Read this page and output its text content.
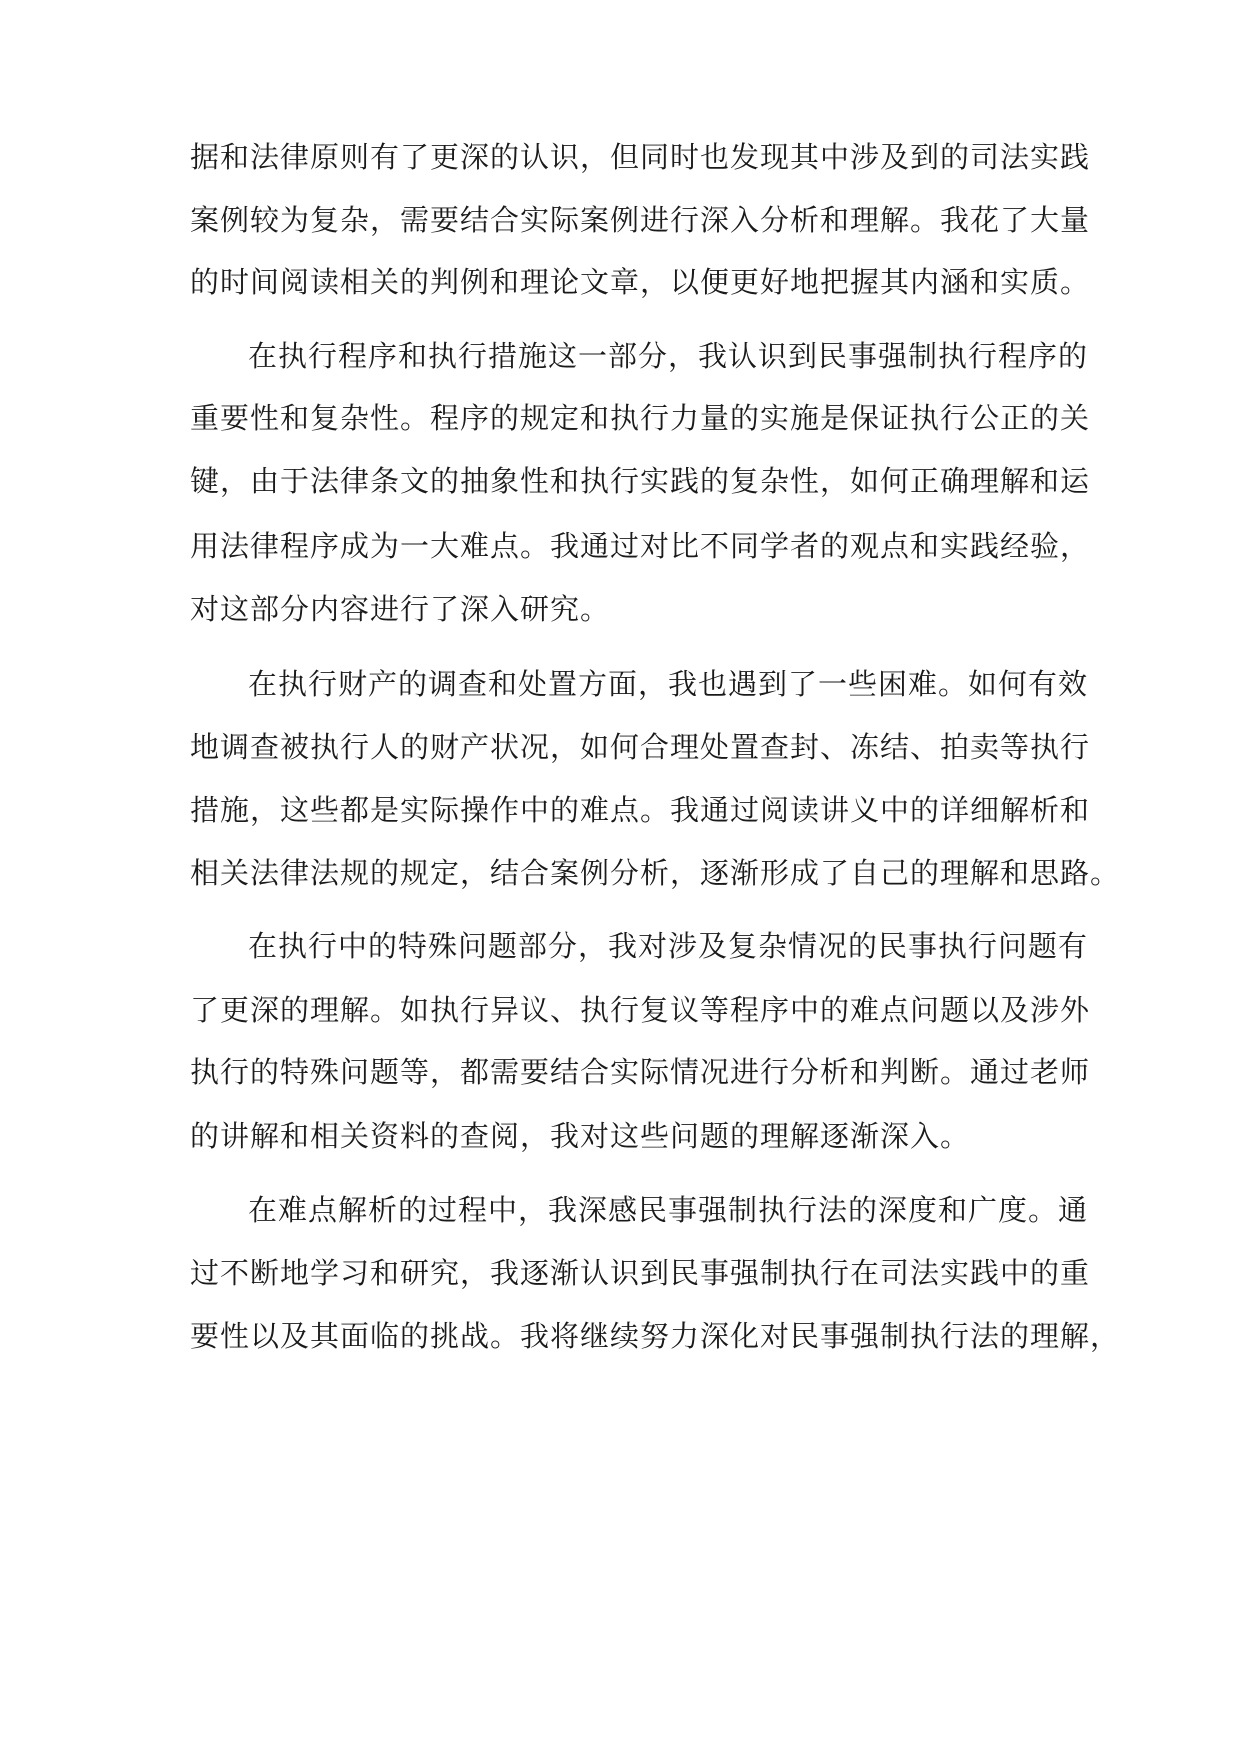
据和法律原则有了更深的认识，但同时也发现其中涉及到的司法实践
案例较为复杂，需要结合实际案例进行深入分析和理解。我花了大量
的时间阅读相关的判例和理论文章，以便更好地把握其内涵和实质。
在执行程序和执行措施这一部分，我认识到民事强制执行程序的
重要性和复杂性。程序的规定和执行力量的实施是保证执行公正的关
键，由于法律条文的抽象性和执行实践的复杂性，如何正确理解和运
用法律程序成为一大难点。我通过对比不同学者的观点和实践经验，
对这部分内容进行了深入研究。
在执行财产的调查和处置方面，我也遇到了一些困难。如何有效
地调查被执行人的财产状况，如何合理处置查封、冻结、拍卖等执行
措施，这些都是实际操作中的难点。我通过阅读讲义中的详细解析和
相关法律法规的规定，结合案例分析，逐渐形成了自己的理解和思路。
在执行中的特殊问题部分，我对涉及复杂情况的民事执行问题有
了更深的理解。如执行异议、执行复议等程序中的难点问题以及涉外
执行的特殊问题等，都需要结合实际情况进行分析和判断。通过老师
的讲解和相关资料的查阅，我对这些问题的理解逐渐深入。
在难点解析的过程中，我深感民事强制执行法的深度和广度。通
过不断地学习和研究，我逐渐认识到民事强制执行在司法实践中的重
要性以及其面临的挑战。我将继续努力深化对民事强制执行法的理解，
